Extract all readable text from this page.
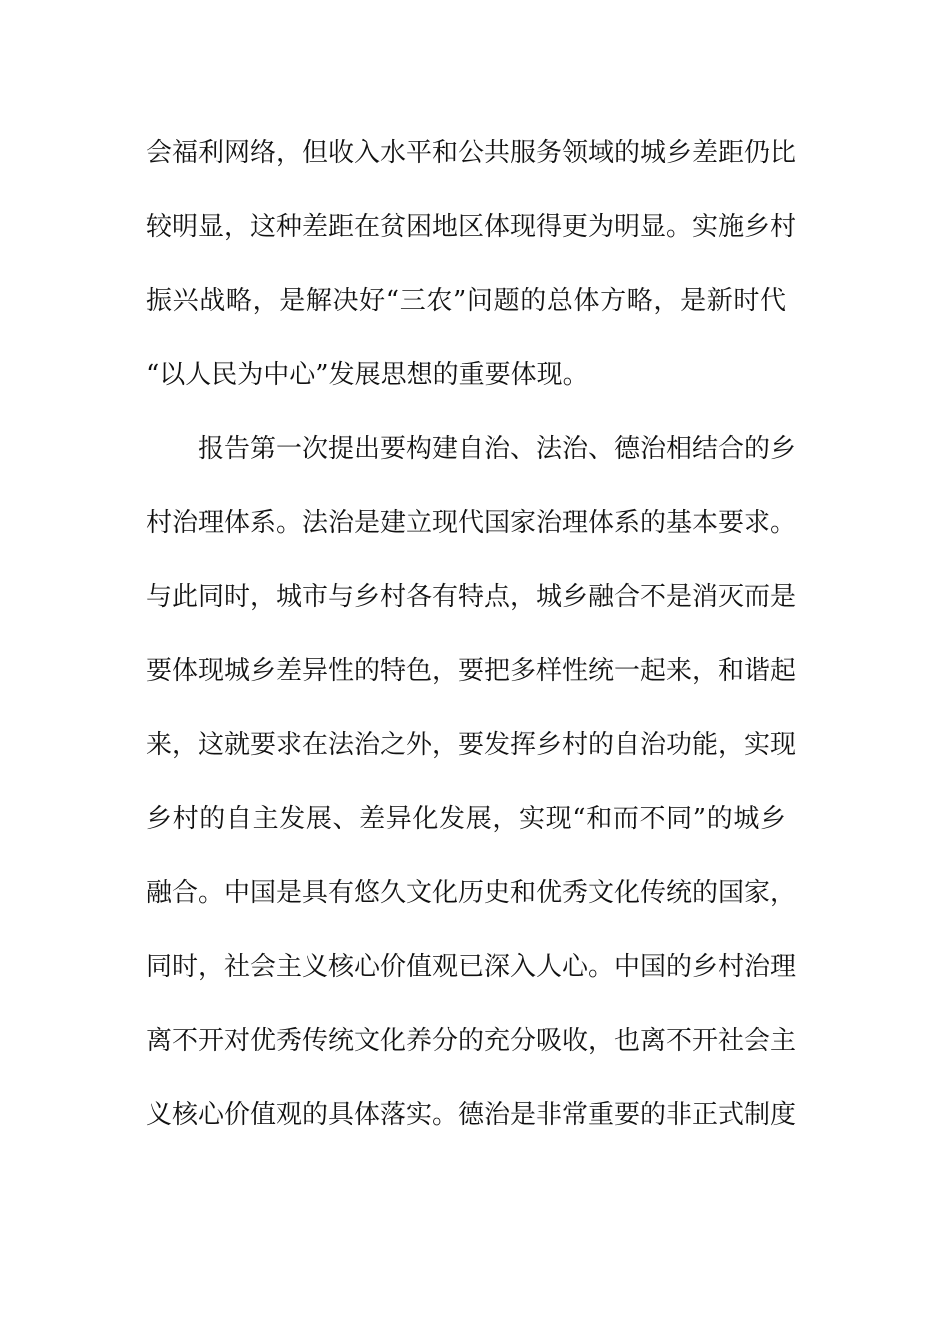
会福利网络，但收入水平和公共服务领域的城乡差距仍比
较明显，这种差距在贫困地区体现得更为明显。实施乡村
振兴战略，是解决好“三农”问题的总体方略，是新时代
“以人民为中心”发展思想的重要体现。
报告第一次提出要构建自治、法治、德治相结合的乡
村治理体系。法治是建立现代国家治理体系的基本要求。
与此同时，城市与乡村各有特点，城乡融合不是消灭而是
要体现城乡差异性的特色，要把多样性统一起来，和谐起
来，这就要求在法治之外，要发挥乡村的自治功能，实现
乡村的自主发展、差异化发展，实现“和而不同”的城乡
融合。中国是具有悠久文化历史和优秀文化传统的国家，
同时，社会主义核心价值观已深入人心。中国的乡村治理
离不开对优秀传统文化养分的充分吸收，也离不开社会主
义核心价值观的具体落实。德治是非常重要的非正式制度
